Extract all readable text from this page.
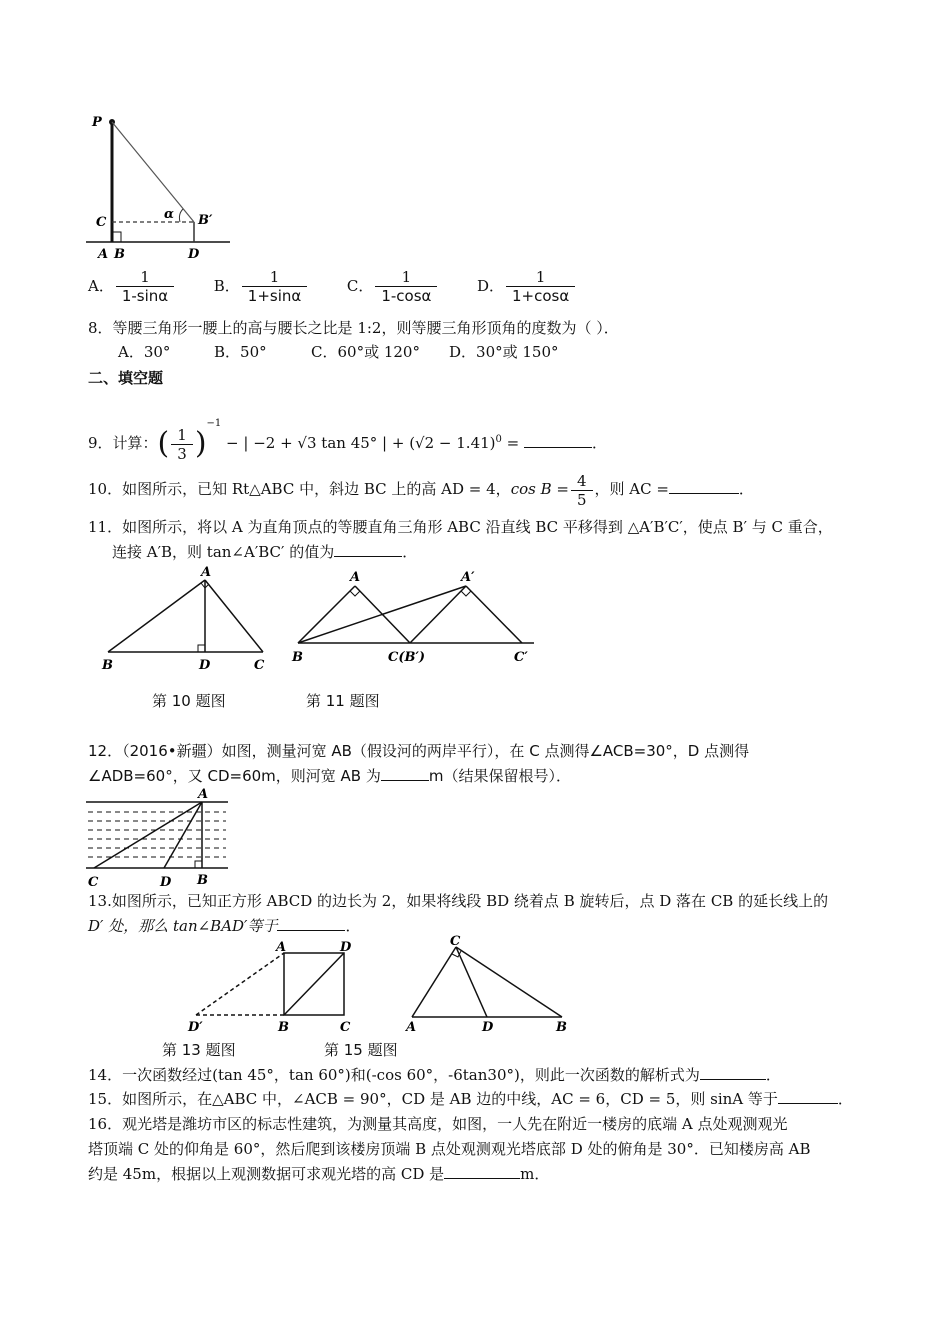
P
C
α B′
A B	D
A． $\frac{1}{1-\sin\alpha}$	B． $\frac{1}{1+\sin\alpha}$	C． $\frac{1}{1-\cos\alpha}$	D． $\frac{1}{1+\cos\alpha}$
8．等腰三角形一腰上的高与腰长之比是 1:2，则等腰三角形顶角的度数为（ ）．
A．30°	B．50°	C．60°或 120° D．30°或 150°
二、填空题
9．计算：( $\frac{1}{3} )^{-1}$ − | −2 + √3 tan 45° | + $(√2 - 1.41)^0$ =	．
10．如图所示，已知 Rt△ABC 中，斜边 BC 上的高 AD = 4，$\cos B = \frac{4}{5}$ ，则 AC =	．
11．如图所示，将以 A 为直角顶点的等腰直角三角形 ABC 沿直线 BC 平移得到 △A′B′C′，使点 B′ 与 C 重合，
连接 A′B，则 tan∠A′BC′ 的值为	．
A
B	D	C
第 10 题图
A	A′
B	C(B′)	C′
第 11 题图
12．（2016•新疆）如图，测量河宽 AB（假设河的两岸平行），在 C 点测得∠ACB=30°，D 点测得
∠ADB=60°，又 CD=60m，则河宽 AB 为	m（结果保留根号）．
A
C	D B
13.如图所示，已知正方形 ABCD 的边长为 2，如果将线段 BD 绕着点 B 旋转后，点 D 落在 CB 的延长线上的
D′ 处，那么 tan∠BAD′等于	．
A	D
D′	B	C
第 13 题图
C
A	D	B
第 15 题图
14．一次函数经过(tan 45°，tan 60°)和(-cos 60°，-6tan30°)，则此一次函数的解析式为	．
15．如图所示，在△ABC 中，∠ACB = 90°，CD 是 AB 边的中线，AC = 6，CD = 5，则 sinA 等于	．
16．观光塔是潍坊市区的标志性建筑，为测量其高度，如图，一人先在附近一楼房的底端 A 点处观测观光
塔顶端 C 处的仰角是 60°，然后爬到该楼房顶端 B 点处观测观光塔底部 D 处的俯角是 30°．已知楼房高 AB
约是 45m，根据以上观测数据可求观光塔的高 CD 是	m．
